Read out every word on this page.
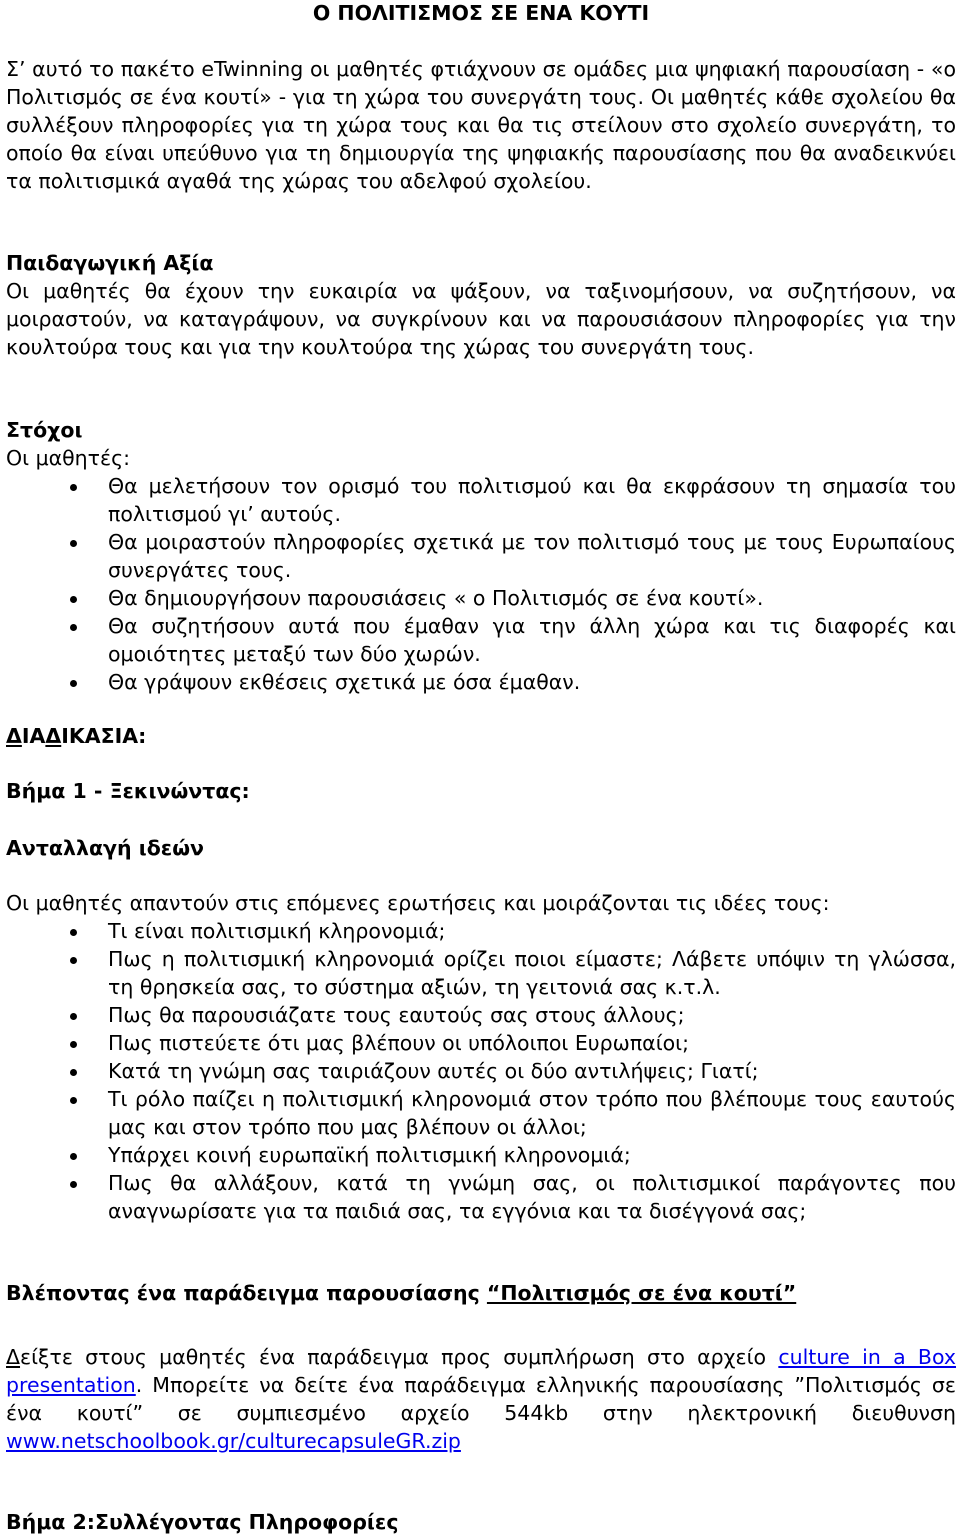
Ο ΠΟΛΙΤΙΣΜΟΣ ΣΕ ΕΝΑ ΚΟΥΤΙ

Σ’ αυτό το πακέτο eTwinning οι μαθητές φτιάχνουν σε ομάδες μια ψηφιακή παρουσίαση - «ο Πολιτισμός σε ένα κουτί» - για τη χώρα του συνεργάτη τους. Οι μαθητές κάθε σχολείου θα συλλέξουν πληροφορίες για τη χώρα τους και θα τις στείλουν στο σχολείο συνεργάτη, το οποίο θα είναι υπεύθυνο για τη δημιουργία της ψηφιακής παρουσίασης που θα αναδεικνύει τα πολιτισμικά αγαθά της χώρας του αδελφού σχολείου.

Παιδαγωγική Αξία

Οι μαθητές θα έχουν την ευκαιρία να ψάξουν, να ταξινομήσουν, να συζητήσουν, να μοιραστούν, να καταγράψουν, να συγκρίνουν και να παρουσιάσουν πληροφορίες για την κουλτούρα τους και για την κουλτούρα της χώρας του συνεργάτη τους.

Στόχοι

Οι μαθητές:

Θα μελετήσουν τον ορισμό του πολιτισμού και θα εκφράσουν τη σημασία του πολιτισμού γι’ αυτούς.
Θα μοιραστούν πληροφορίες σχετικά με τον πολιτισμό τους με τους Ευρωπαίους συνεργάτες τους.
Θα δημιουργήσουν παρουσιάσεις « ο Πολιτισμός σε ένα κουτί».
Θα συζητήσουν αυτά που έμαθαν για την άλλη χώρα και τις διαφορές και ομοιότητες μεταξύ των δύο χωρών.
Θα γράψουν εκθέσεις σχετικά με όσα έμαθαν.

ΔΙΑΔΙΚΑΣΙΑ:

Βήμα 1 - Ξεκινώντας:

Ανταλλαγή ιδεών

Οι μαθητές απαντούν στις επόμενες ερωτήσεις και μοιράζονται τις ιδέες τους:

Τι είναι πολιτισμική κληρονομιά;
Πως η πολιτισμική κληρονομιά ορίζει ποιοι είμαστε; Λάβετε υπόψιν τη γλώσσα, τη θρησκεία σας, το σύστημα αξιών, τη γειτονιά σας κ.τ.λ.
Πως θα παρουσιάζατε τους εαυτούς σας στους άλλους;
Πως πιστεύετε ότι μας βλέπουν οι υπόλοιποι Ευρωπαίοι;
Κατά τη γνώμη σας ταιριάζουν αυτές οι δύο αντιλήψεις; Γιατί;
Τι ρόλο παίζει η πολιτισμική κληρονομιά στον τρόπο που βλέπουμε τους εαυτούς μας και στον τρόπο που μας βλέπουν οι άλλοι;
Υπάρχει κοινή ευρωπαϊκή πολιτισμική κληρονομιά;
Πως θα αλλάξουν, κατά τη γνώμη σας, οι πολιτισμικοί παράγοντες που αναγνωρίσατε για τα παιδιά σας, τα εγγόνια και τα δισέγγονά σας;

Βλέποντας ένα παράδειγμα παρουσίασης “Πολιτισμός σε ένα κουτί”

Δείξτε στους μαθητές ένα παράδειγμα προς συμπλήρωση στο αρχείο culture in a Box presentation. Μπορείτε να δείτε ένα παράδειγμα ελληνικής παρουσίασης ”Πολιτισμός σε ένα κουτί” σε συμπιεσμένο αρχείο 544kb στην ηλεκτρονική διευθυνση www.netschoolbook.gr/culturecapsuleGR.zip

Βήμα 2:Συλλέγοντας Πληροφορίες
